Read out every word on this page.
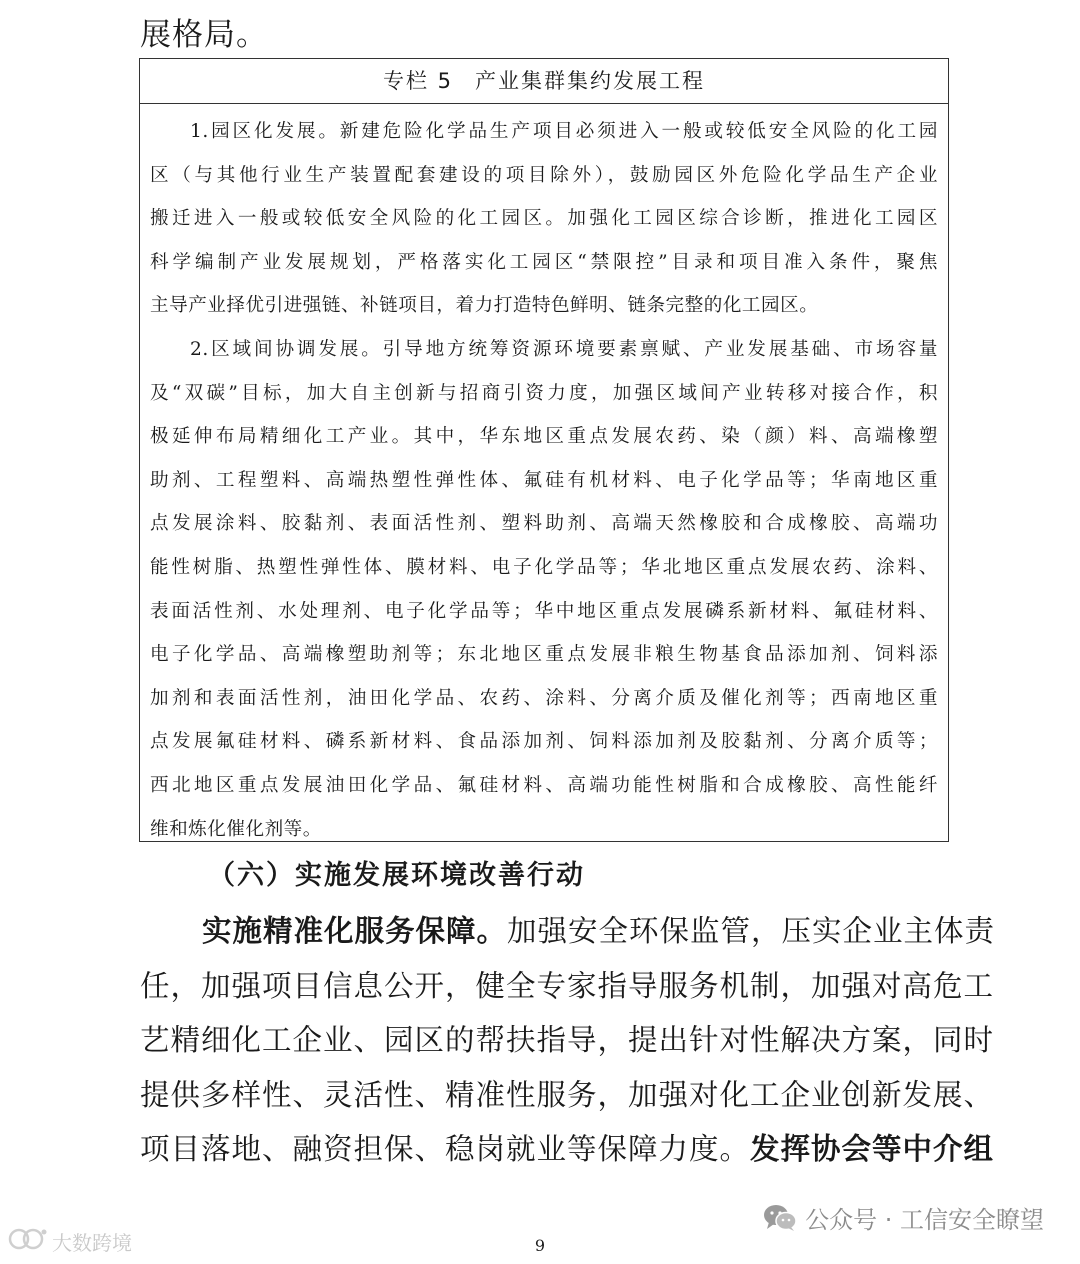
展格局。
专栏 5 产业集群集约发展工程
1.园区化发展。新建危险化学品生产项目必须进入一般或较低安全风险的化工园
区（与其他行业生产装置配套建设的项目除外），鼓励园区外危险化学品生产企业
搬迁进入一般或较低安全风险的化工园区。加强化工园区综合诊断，推进化工园区
科学编制产业发展规划，严格落实化工园区“禁限控”目录和项目准入条件，聚焦
主导产业择优引进强链、补链项目，着力打造特色鲜明、链条完整的化工园区。
2.区域间协调发展。引导地方统筹资源环境要素禀赋、产业发展基础、市场容量
及“双碳”目标，加大自主创新与招商引资力度，加强区域间产业转移对接合作，积
极延伸布局精细化工产业。其中，华东地区重点发展农药、染（颜）料、高端橡塑
助剂、工程塑料、高端热塑性弹性体、氟硅有机材料、电子化学品等；华南地区重
点发展涂料、胶黏剂、表面活性剂、塑料助剂、高端天然橡胶和合成橡胶、高端功
能性树脂、热塑性弹性体、膜材料、电子化学品等；华北地区重点发展农药、涂料、
表面活性剂、水处理剂、电子化学品等；华中地区重点发展磷系新材料、氟硅材料、
电子化学品、高端橡塑助剂等；东北地区重点发展非粮生物基食品添加剂、饲料添
加剂和表面活性剂，油田化学品、农药、涂料、分离介质及催化剂等；西南地区重
点发展氟硅材料、磷系新材料、食品添加剂、饲料添加剂及胶黏剂、分离介质等；
西北地区重点发展油田化学品、氟硅材料、高端功能性树脂和合成橡胶、高性能纤
维和炼化催化剂等。
（六）实施发展环境改善行动
实施精准化服务保障。加强安全环保监管，压实企业主体责
任，加强项目信息公开，健全专家指导服务机制，加强对高危工
艺精细化工企业、园区的帮扶指导，提出针对性解决方案，同时
提供多样性、灵活性、精准性服务，加强对化工企业创新发展、
项目落地、融资担保、稳岗就业等保障力度。发挥协会等中介组
9
公众号 · 工信安全瞭望
大数跨境
